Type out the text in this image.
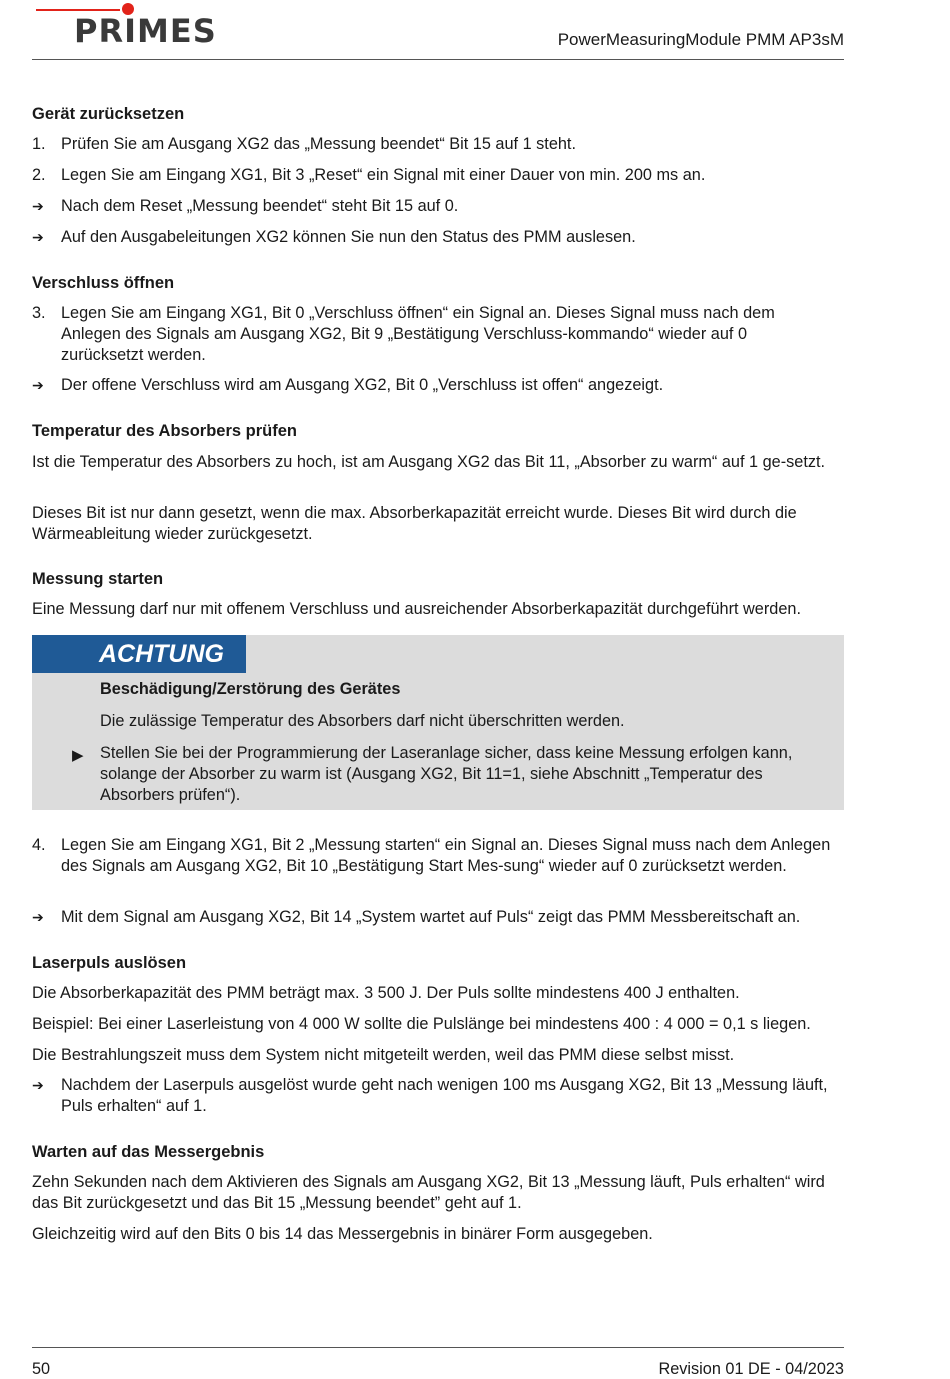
PRIMES	PowerMeasuringModule PMM AP3sM
Gerät zurücksetzen
1. Prüfen Sie am Ausgang XG2 das „Messung beendet“ Bit 15 auf 1 steht.
2. Legen Sie am Eingang XG1, Bit 3 „Reset“ ein Signal mit einer Dauer von min. 200 ms an.
➔	Nach dem Reset „Messung beendet“ steht Bit 15 auf 0.
➔	Auf den Ausgabeleitungen XG2 können Sie nun den Status des PMM auslesen.
Verschluss öffnen
3. Legen Sie am Eingang XG1, Bit 0 „Verschluss öffnen“ ein Signal an. Dieses Signal muss nach dem Anlegen des Signals am Ausgang XG2, Bit 9 „Bestätigung Verschluss-kommando“ wieder auf 0 zurücksetzt werden.
➔	Der offene Verschluss wird am Ausgang XG2, Bit 0 „Verschluss ist offen“ angezeigt.
Temperatur des Absorbers prüfen

Ist die Temperatur des Absorbers zu hoch, ist am Ausgang XG2 das Bit 11, „Absorber zu warm“ auf 1 ge-setzt.

Dieses Bit ist nur dann gesetzt, wenn die max. Absorberkapazität erreicht wurde. Dieses Bit wird durch die Wärmeableitung wieder zurückgesetzt.

Messung starten

Eine Messung darf nur mit offenem Verschluss und ausreichender Absorberkapazität durchgeführt werden.

ACHTUNG
Beschädigung/Zerstörung des Gerätes
Die zulässige Temperatur des Absorbers darf nicht überschritten werden.
▶ Stellen Sie bei der Programmierung der Laseranlage sicher, dass keine Messung erfolgen kann, solange der Absorber zu warm ist (Ausgang XG2, Bit 11=1, siehe Abschnitt „Temperatur des Absorbers prüfen“).
4. Legen Sie am Eingang XG1, Bit 2 „Messung starten“ ein Signal an. Dieses Signal muss nach dem Anlegen des Signals am Ausgang XG2, Bit 10 „Bestätigung Start Mes-sung“ wieder auf 0 zurücksetzt werden.
➔	Mit dem Signal am Ausgang XG2, Bit 14 „System wartet auf Puls“ zeigt das PMM Messbereitschaft an.
Laserpuls auslösen

Die Absorberkapazität des PMM beträgt max. 3 500 J. Der Puls sollte mindestens 400 J enthalten.

Beispiel: Bei einer Laserleistung von 4 000 W sollte die Pulslänge bei mindestens 400 : 4 000 = 0,1 s liegen.

Die Bestrahlungszeit muss dem System nicht mitgeteilt werden, weil das PMM diese selbst misst.

➔	Nachdem der Laserpuls ausgelöst wurde geht nach wenigen 100 ms Ausgang XG2, Bit 13 „Messung läuft, Puls erhalten“ auf 1.
Warten auf das Messergebnis

Zehn Sekunden nach dem Aktivieren des Signals am Ausgang XG2, Bit 13 „Messung läuft, Puls erhalten“ wird das Bit zurückgesetzt und das Bit 15 „Messung beendet” geht auf 1.

Gleichzeitig wird auf den Bits 0 bis 14 das Messergebnis in binärer Form ausgegeben.

50	Revision 01 DE - 04/2023
